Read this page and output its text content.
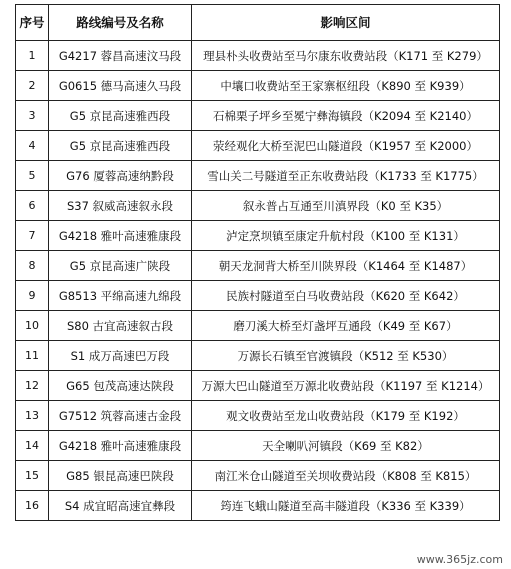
序号	路线编号及名称	影响区间
1	G4217 蓉昌高速汶马段	理县朴头收费站至马尔康东收费站段（K171 至 K279）
2	G0615 德马高速久马段	中壤口收费站至王家寨枢纽段（K890 至 K939）
3	G5 京昆高速雅西段	石棉栗子坪乡至冕宁彝海镇段（K2094 至 K2140）
4	G5 京昆高速雅西段	荥经观化大桥至泥巴山隧道段（K1957 至 K2000）
5	G76 厦蓉高速纳黔段	雪山关二号隧道至正东收费站段（K1733 至 K1775）
6	S37 叙威高速叙永段	叙永普占互通至川滇界段（K0 至 K35）
7	G4218 雅叶高速雅康段	泸定烹坝镇至康定升航村段（K100 至 K131）
8	G5 京昆高速广陕段	朝天龙洞背大桥至川陕界段（K1464 至 K1487）
9	G8513 平绵高速九绵段	民族村隧道至白马收费站段（K620 至 K642）
10	S80 古宜高速叙古段	磨刀溪大桥至灯盏坪互通段（K49 至 K67）
11	S1 成万高速巴万段	万源长石镇至官渡镇段（K512 至 K530）
12	G65 包茂高速达陕段	万源大巴山隧道至万源北收费站段（K1197 至 K1214）
13	G7512 筑蓉高速古金段	观文收费站至龙山收费站段（K179 至 K192）
14	G4218 雅叶高速雅康段	天全喇叭河镇段（K69 至 K82）
15	G85 银昆高速巴陕段	南江米仓山隧道至关坝收费站段（K808 至 K815）
16	S4 成宜昭高速宜彝段	筠连飞蛾山隧道至高丰隧道段（K336 至 K339）
www.365jz.com
